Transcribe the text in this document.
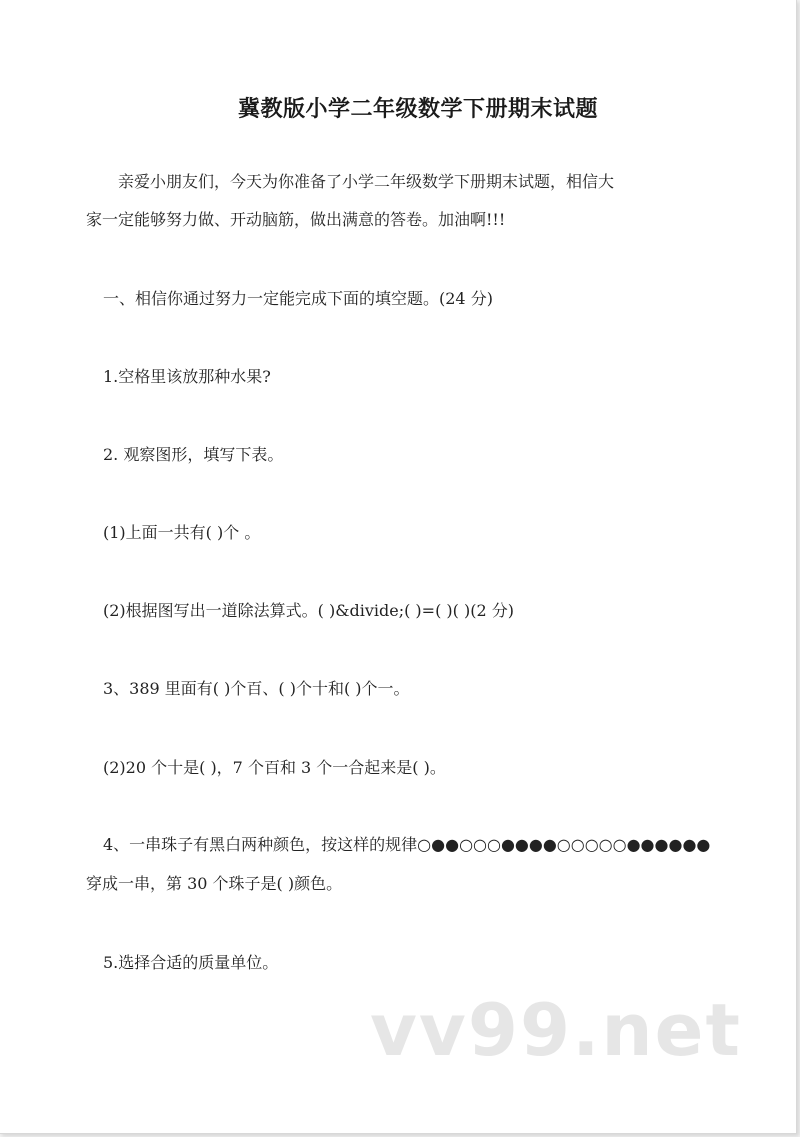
冀教版小学二年级数学下册期末试题
亲爱小朋友们，今天为你准备了小学二年级数学下册期末试题，相信大
家一定能够努力做、开动脑筋，做出满意的答卷。加油啊!!!
一、相信你通过努力一定能完成下面的填空题。(24 分)
1.空格里该放那种水果?
2. 观察图形，填写下表。
(1)上面一共有( )个 。
(2)根据图写出一道除法算式。( )&divide;( )=( )( )(2 分)
3、389 里面有( )个百、( )个十和( )个一。
(2)20 个十是( )，7 个百和 3 个一合起来是( )。
4、一串珠子有黑白两种颜色，按这样的规律○●●○○○●●●●○○○○○●●●●●●
穿成一串，第 30 个珠子是( )颜色。
5.选择合适的质量单位。
vv99.net
